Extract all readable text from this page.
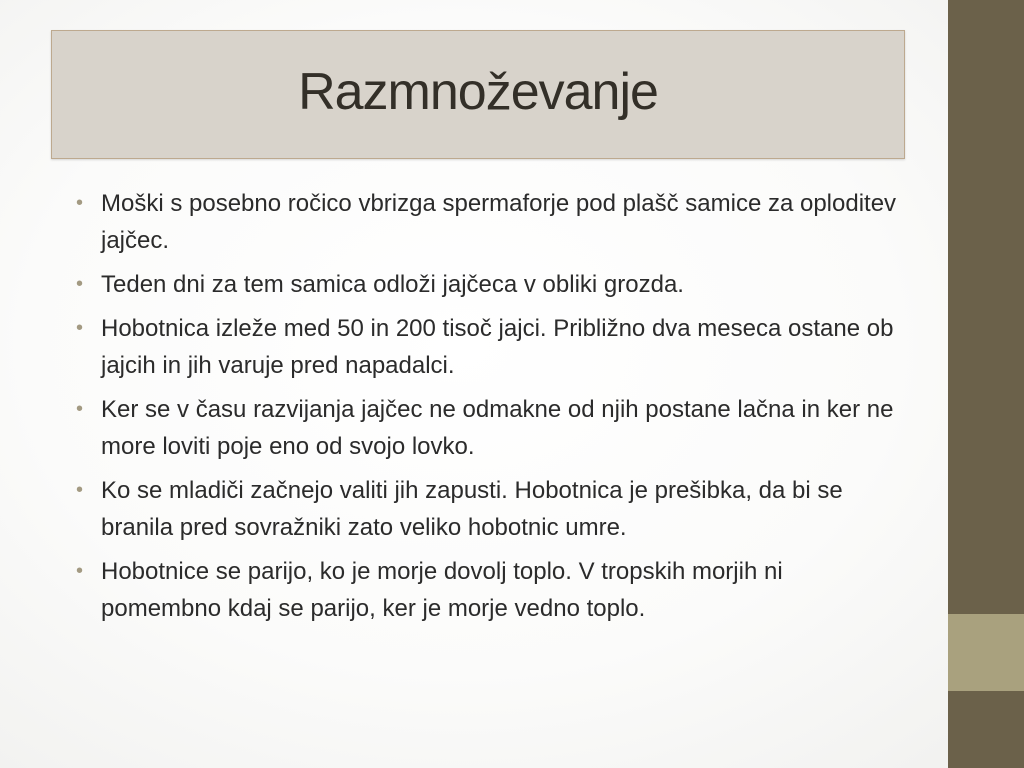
Razmnoževanje
• Moški s posebno ročico vbrizga spermaforje pod plašč samice za oploditev jajčec.
• Teden dni za tem samica odloži jajčeca v obliki grozda.
• Hobotnica izleže med 50 in 200 tisoč jajci. Približno dva meseca ostane ob jajcih in jih varuje pred napadalci.
• Ker se v času razvijanja jajčec ne odmakne od njih postane lačna in ker ne more loviti poje eno od svojo lovko.
• Ko se mladiči začnejo valiti jih zapusti. Hobotnica je prešibka, da bi se branila pred sovražniki zato veliko hobotnic umre.
• Hobotnice se parijo, ko je morje dovolj toplo. V tropskih morjih ni pomembno kdaj se parijo, ker je morje vedno toplo.
